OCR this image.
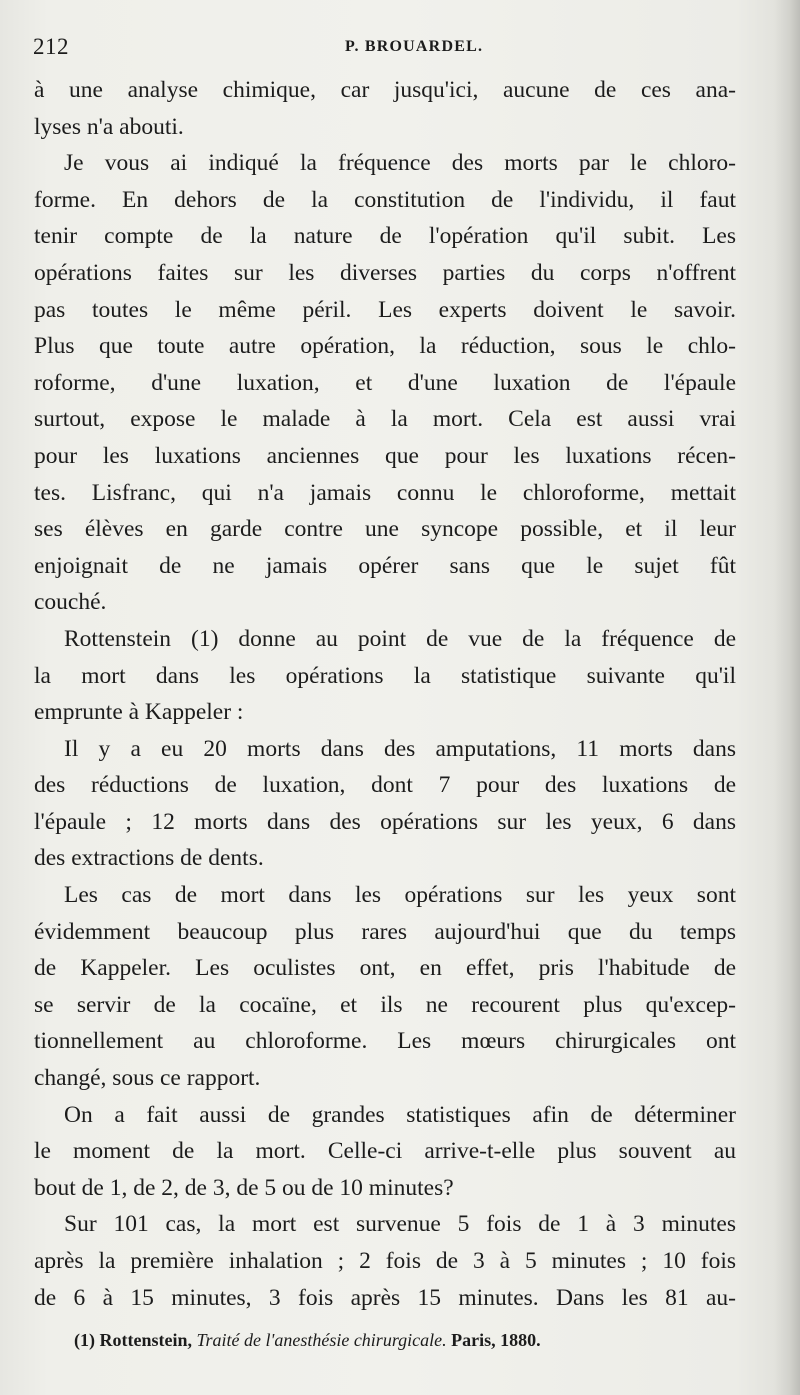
212	P. BROUARDEL.
à une analyse chimique, car jusqu'ici, aucune de ces ana-
lyses n'a abouti.
Je vous ai indiqué la fréquence des morts par le chloro-
forme. En dehors de la constitution de l'individu, il faut
tenir compte de la nature de l'opération qu'il subit. Les
opérations faites sur les diverses parties du corps n'offrent
pas toutes le même péril. Les experts doivent le savoir.
Plus que toute autre opération, la réduction, sous le chlo-
roforme, d'une luxation, et d'une luxation de l'épaule
surtout, expose le malade à la mort. Cela est aussi vrai
pour les luxations anciennes que pour les luxations récen-
tes. Lisfranc, qui n'a jamais connu le chloroforme, mettait
ses élèves en garde contre une syncope possible, et il leur
enjoignait de ne jamais opérer sans que le sujet fût
couché.
Rottenstein (1) donne au point de vue de la fréquence de
la mort dans les opérations la statistique suivante qu'il
emprunte à Kappeler :
Il y a eu 20 morts dans des amputations, 11 morts dans
des réductions de luxation, dont 7 pour des luxations de
l'épaule ; 12 morts dans des opérations sur les yeux, 6 dans
des extractions de dents.
Les cas de mort dans les opérations sur les yeux sont
évidemment beaucoup plus rares aujourd'hui que du temps
de Kappeler. Les oculistes ont, en effet, pris l'habitude de
se servir de la cocaïne, et ils ne recourent plus qu'excep-
tionnellement au chloroforme. Les mœurs chirurgicales ont
changé, sous ce rapport.
On a fait aussi de grandes statistiques afin de déterminer
le moment de la mort. Celle-ci arrive-t-elle plus souvent au
bout de 1, de 2, de 3, de 5 ou de 10 minutes?
Sur 101 cas, la mort est survenue 5 fois de 1 à 3 minutes
après la première inhalation ; 2 fois de 3 à 5 minutes ; 10 fois
de 6 à 15 minutes, 3 fois après 15 minutes. Dans les 81 au-
(1) Rottenstein, Traité de l'anesthésie chirurgicale. Paris, 1880.
